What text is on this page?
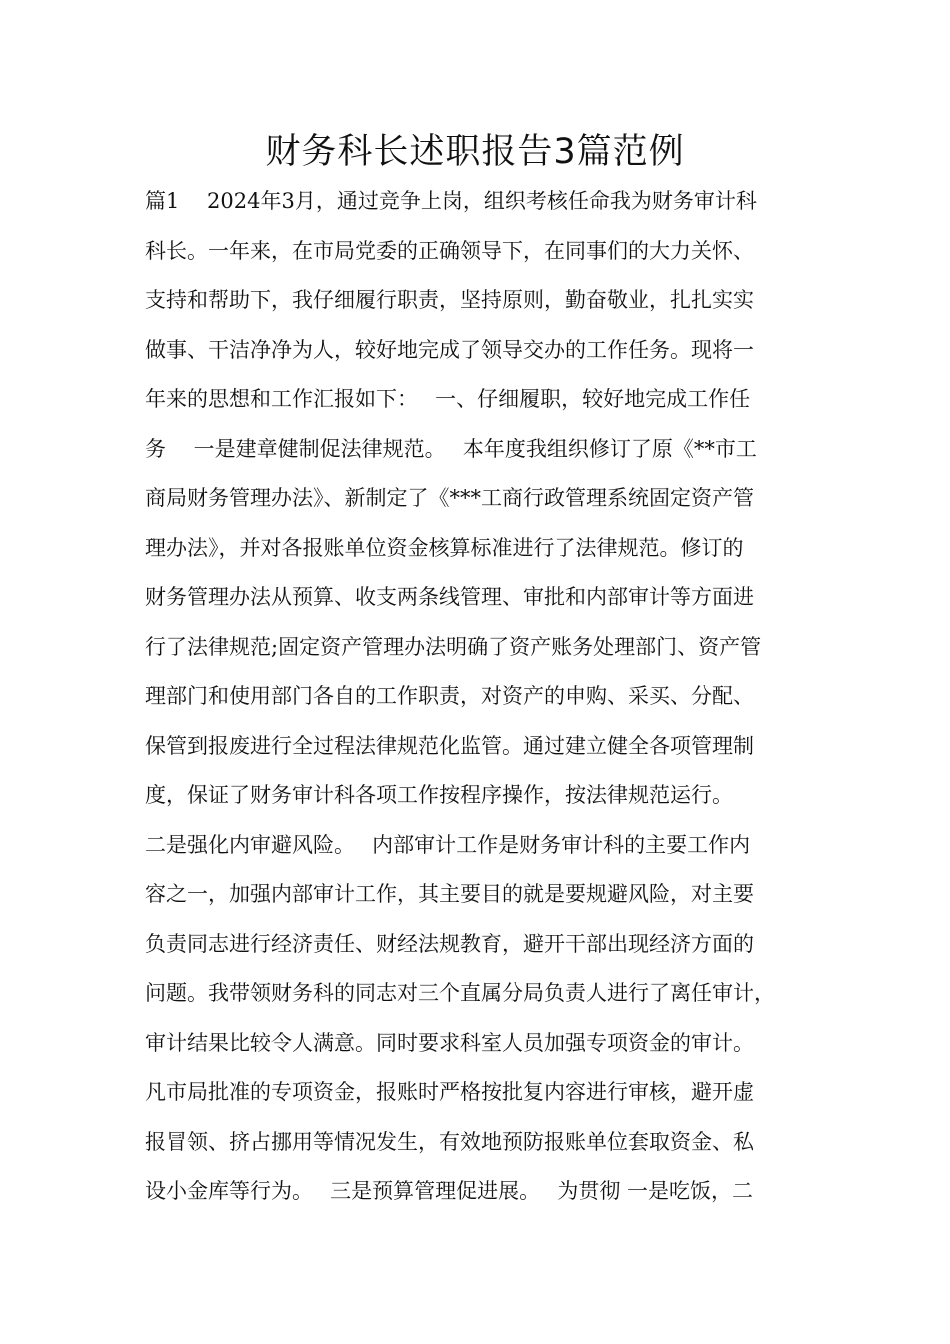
财务科长述职报告3篇范例
篇1　 2024年3月，通过竞争上岗，组织考核任命我为财务审计科
科长。一年来，在市局党委的正确领导下，在同事们的大力关怀、
支持和帮助下，我仔细履行职责，坚持原则，勤奋敬业，扎扎实实
做事、干洁净净为人，较好地完成了领导交办的工作任务。现将一
年来的思想和工作汇报如下：　 一、仔细履职，较好地完成工作任
务　 一是建章健制促法律规范。　 本年度我组织修订了原《**市工
商局财务管理办法》、新制定了《***工商行政管理系统固定资产管
理办法》，并对各报账单位资金核算标准进行了法律规范。修订的
财务管理办法从预算、收支两条线管理、审批和内部审计等方面进
行了法律规范;固定资产管理办法明确了资产账务处理部门、资产管
理部门和使用部门各自的工作职责，对资产的申购、采买、分配、
保管到报废进行全过程法律规范化监管。通过建立健全各项管理制
度，保证了财务审计科各项工作按程序操作，按法律规范运行。
二是强化内审避风险。　 内部审计工作是财务审计科的主要工作内
容之一，加强内部审计工作，其主要目的就是要规避风险，对主要
负责同志进行经济责任、财经法规教育，避开干部出现经济方面的
问题。我带领财务科的同志对三个直属分局负责人进行了离任审计，
审计结果比较令人满意。同时要求科室人员加强专项资金的审计。
凡市局批准的专项资金，报账时严格按批复内容进行审核，避开虚
报冒领、挤占挪用等情况发生，有效地预防报账单位套取资金、私
设小金库等行为。　 三是预算管理促进展。　 为贯彻 一是吃饭，二
